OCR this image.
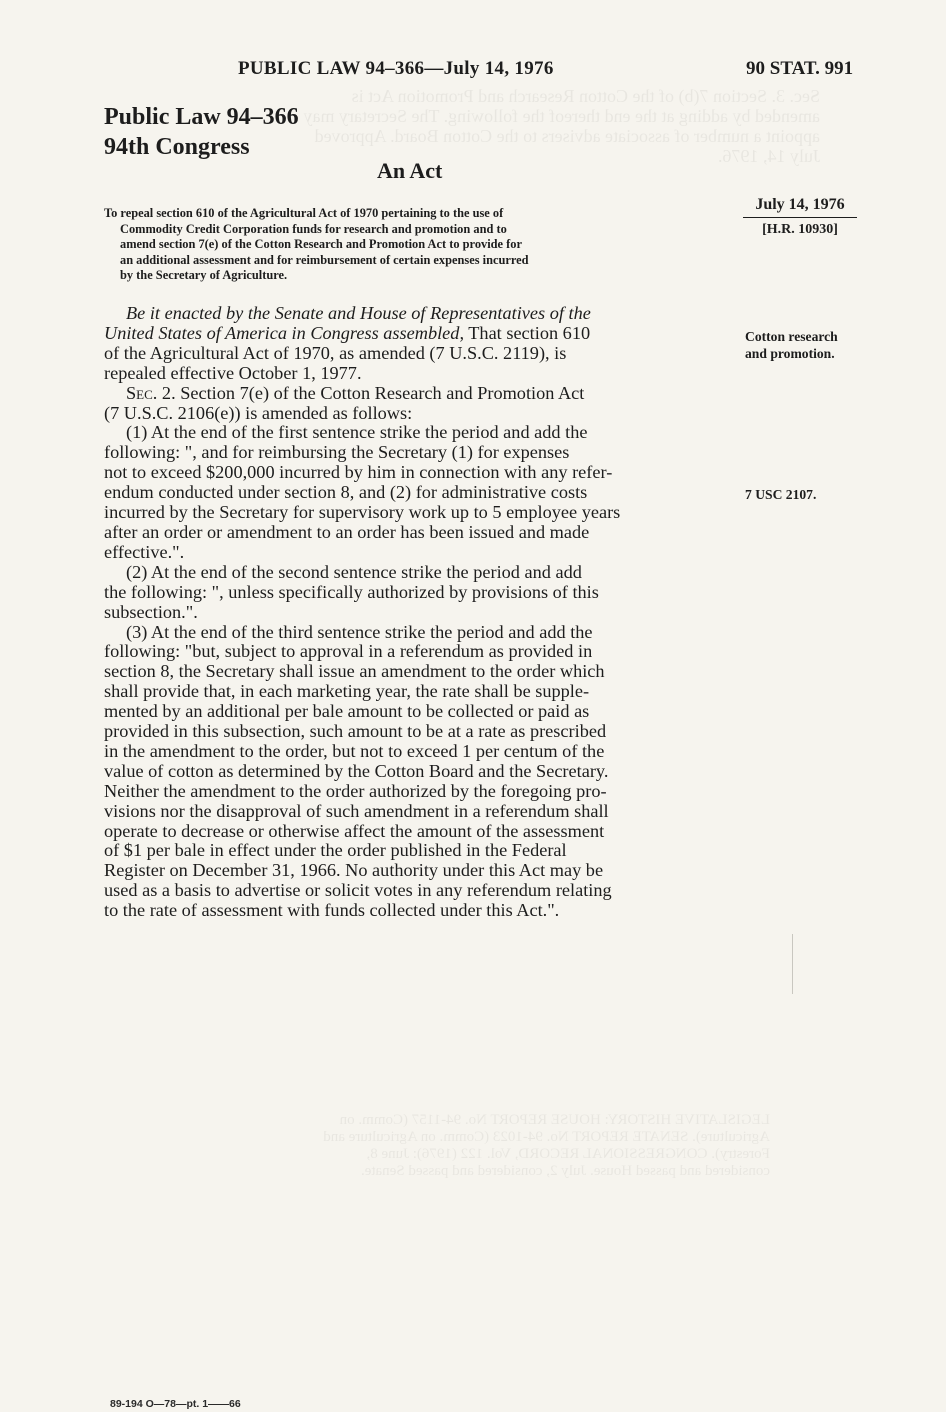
Sec. 3. Section 7(b) of the Cotton Research and Promotion Act is amended by adding at the end thereof the following. The Secretary may appoint a number of associate advisers to the Cotton Board. Approved July 14, 1976.
LEGISLATIVE HISTORY: HOUSE REPORT No. 94-1157 (Comm. on Agriculture). SENATE REPORT No. 94-1023 (Comm. on Agriculture and Forestry). CONGRESSIONAL RECORD, Vol. 122 (1976): June 8, considered and passed House. July 2, considered and passed Senate.
PUBLIC LAW 94–366—July 14, 1976	90 STAT. 991
Public Law 94–366
94th Congress
An Act
To repeal section 610 of the Agricultural Act of 1970 pertaining to the use of
Commodity Credit Corporation funds for research and promotion and to
amend section 7(e) of the Cotton Research and Promotion Act to provide for
an additional assessment and for reimbursement of certain expenses incurred
by the Secretary of Agriculture.
July 14, 1976
[H.R. 10930]
Cotton research
and promotion.
7 USC 2107.
Be it enacted by the Senate and House of Representatives of the
United States of America in Congress assembled, That section 610
of the Agricultural Act of 1970, as amended (7 U.S.C. 2119), is
repealed effective October 1, 1977.
Sec. 2. Section 7(e) of the Cotton Research and Promotion Act
(7 U.S.C. 2106(e)) is amended as follows:
(1) At the end of the first sentence strike the period and add the
following: ", and for reimbursing the Secretary (1) for expenses
not to exceed $200,000 incurred by him in connection with any refer-
endum conducted under section 8, and (2) for administrative costs
incurred by the Secretary for supervisory work up to 5 employee years
after an order or amendment to an order has been issued and made
effective.".
(2) At the end of the second sentence strike the period and add
the following: ", unless specifically authorized by provisions of this
subsection.".
(3) At the end of the third sentence strike the period and add the
following: "but, subject to approval in a referendum as provided in
section 8, the Secretary shall issue an amendment to the order which
shall provide that, in each marketing year, the rate shall be supple-
mented by an additional per bale amount to be collected or paid as
provided in this subsection, such amount to be at a rate as prescribed
in the amendment to the order, but not to exceed 1 per centum of the
value of cotton as determined by the Cotton Board and the Secretary.
Neither the amendment to the order authorized by the foregoing pro-
visions nor the disapproval of such amendment in a referendum shall
operate to decrease or otherwise affect the amount of the assessment
of $1 per bale in effect under the order published in the Federal
Register on December 31, 1966. No authority under this Act may be
used as a basis to advertise or solicit votes in any referendum relating
to the rate of assessment with funds collected under this Act.".
89-194 O—78—pt. 1——66
